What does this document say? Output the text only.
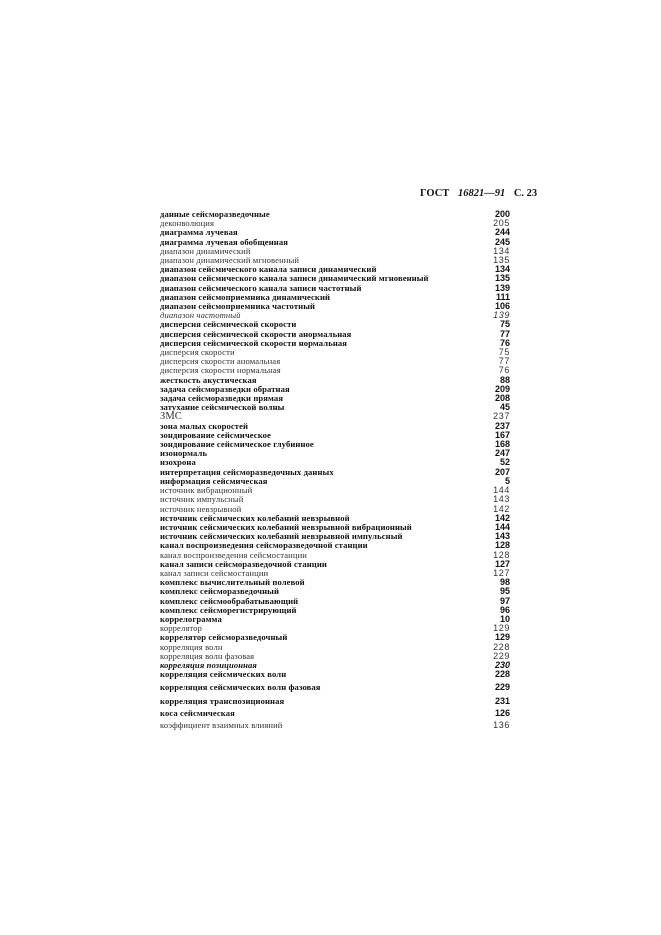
ГОСТ 16821—91 С. 23
данные сейсморазведочные	200
деконволюция	205
диаграмма лучевая	244
диаграмма лучевая обобщенная	245
диапазон динамический	134
диапазон динамический мгновенный	135
диапазон сейсмического канала записи динамический	134
диапазон сейсмического канала записи динамический мгновенный	135
диапазон сейсмического канала записи частотный	139
диапазон сейсмоприемника динамический	111
диапазон сейсмоприемника частотный	106
диапазон частотный	139
дисперсия сейсмической скорости	75
дисперсия сейсмической скорости анормальная	77
дисперсия сейсмической скорости нормальная	76
дисперсия скорости	75
дисперсия скорости аномальная	77
дисперсия скорости нормальная	76
жесткость акустическая	88
задача сейсморазведки обратная	209
задача сейсморазведки прямая	208
затухание сейсмической волны	45
ЗМС	237
зона малых скоростей	237
зондирование сейсмическое	167
зондирование сейсмическое глубинное	168
изонормаль	247
изохрона	52
интерпретация сейсморазведочных данных	207
информация сейсмическая	5
источник вибрационный	144
источник импульсный	143
источник невзрывной	142
источник сейсмических колебаний невзрывной	142
источник сейсмических колебаний невзрывной вибрационный	144
источник сейсмических колебаний невзрывной импульсный	143
канал воспроизведения сейсморазведочной станции	128
канал воспроизведения сейсмостанции	128
канал записи сейсморазведочной станции	127
канал записи сейсмостанции	127
комплекс вычислительный полевой	98
комплекс сейсморазведочный	95
комплекс сейсмообрабатывающий	97
комплекс сейсморегистрирующий	96
коррелограмма	10
коррелятор	129
коррелятор сейсморазведочный	129
корреляция волн	228
корреляция волн фазовая	229
корреляция позиционная	230
корреляция сейсмических волн	228
корреляция сейсмических волн фазовая	229
корреляция транспозиционная	231
коса сейсмическая	126
коэффициент взаимных влияний	136
